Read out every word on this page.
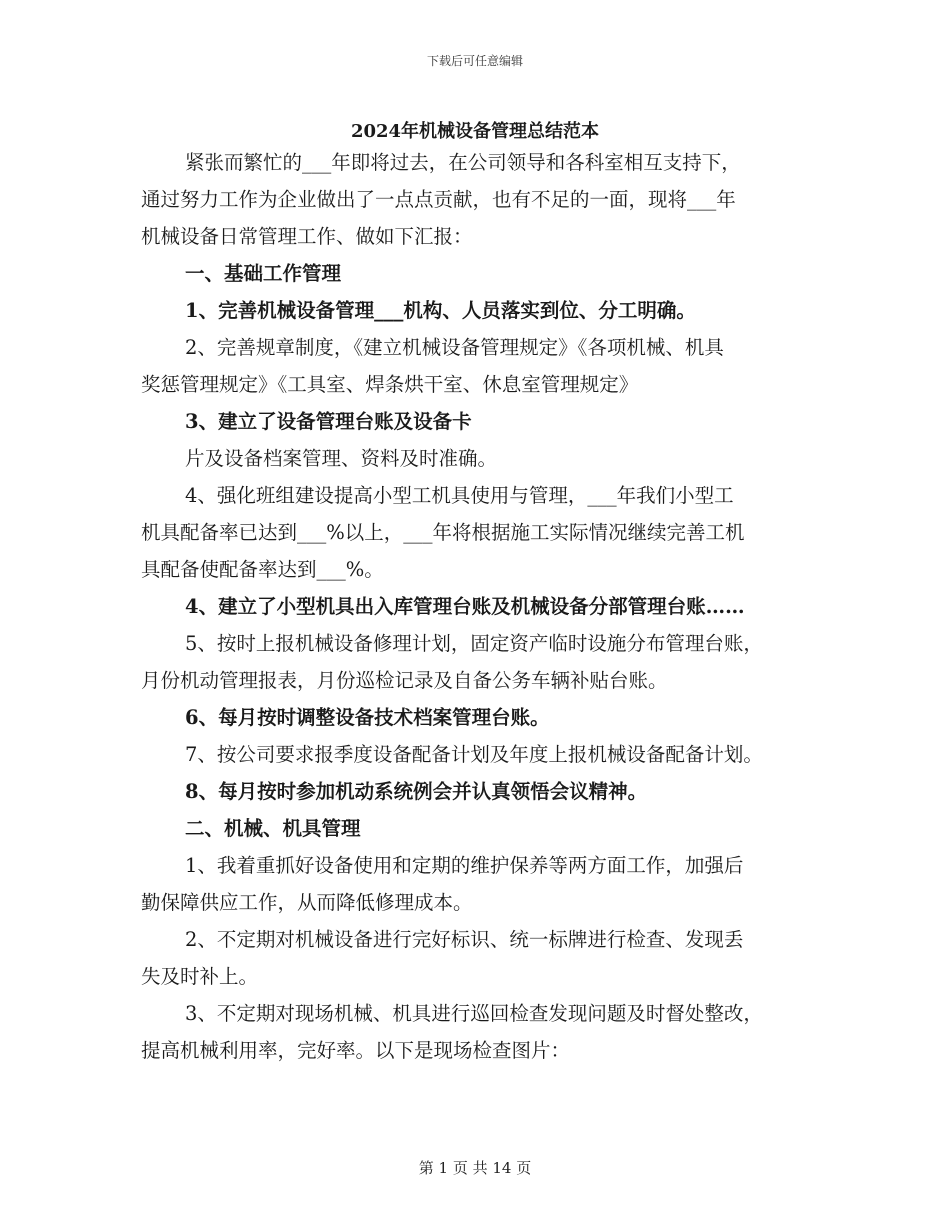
下载后可任意编辑
2024年机械设备管理总结范本

紧张而繁忙的___年即将过去，在公司领导和各科室相互支持下，

通过努力工作为企业做出了一点点贡献，也有不足的一面，现将___年

机械设备日常管理工作、做如下汇报：

一、基础工作管理

1、完善机械设备管理___机构、人员落实到位、分工明确。

2、完善规章制度，《建立机械设备管理规定》《各项机械、机具

奖惩管理规定》《工具室、焊条烘干室、休息室管理规定》

3、建立了设备管理台账及设备卡

片及设备档案管理、资料及时准确。

4、强化班组建设提高小型工机具使用与管理，___年我们小型工

机具配备率已达到___%以上，___年将根据施工实际情况继续完善工机

具配备使配备率达到___%。

4、建立了小型机具出入库管理台账及机械设备分部管理台账……

5、按时上报机械设备修理计划，固定资产临时设施分布管理台账，

月份机动管理报表，月份巡检记录及自备公务车辆补贴台账。

6、每月按时调整设备技术档案管理台账。

7、按公司要求报季度设备配备计划及年度上报机械设备配备计划。

8、每月按时参加机动系统例会并认真领悟会议精神。

二、机械、机具管理

1、我着重抓好设备使用和定期的维护保养等两方面工作，加强后

勤保障供应工作，从而降低修理成本。

2、不定期对机械设备进行完好标识、统一标牌进行检查、发现丢

失及时补上。

3、不定期对现场机械、机具进行巡回检查发现问题及时督处整改，

提高机械利用率，完好率。以下是现场检查图片：

第 1 页 共 14 页
